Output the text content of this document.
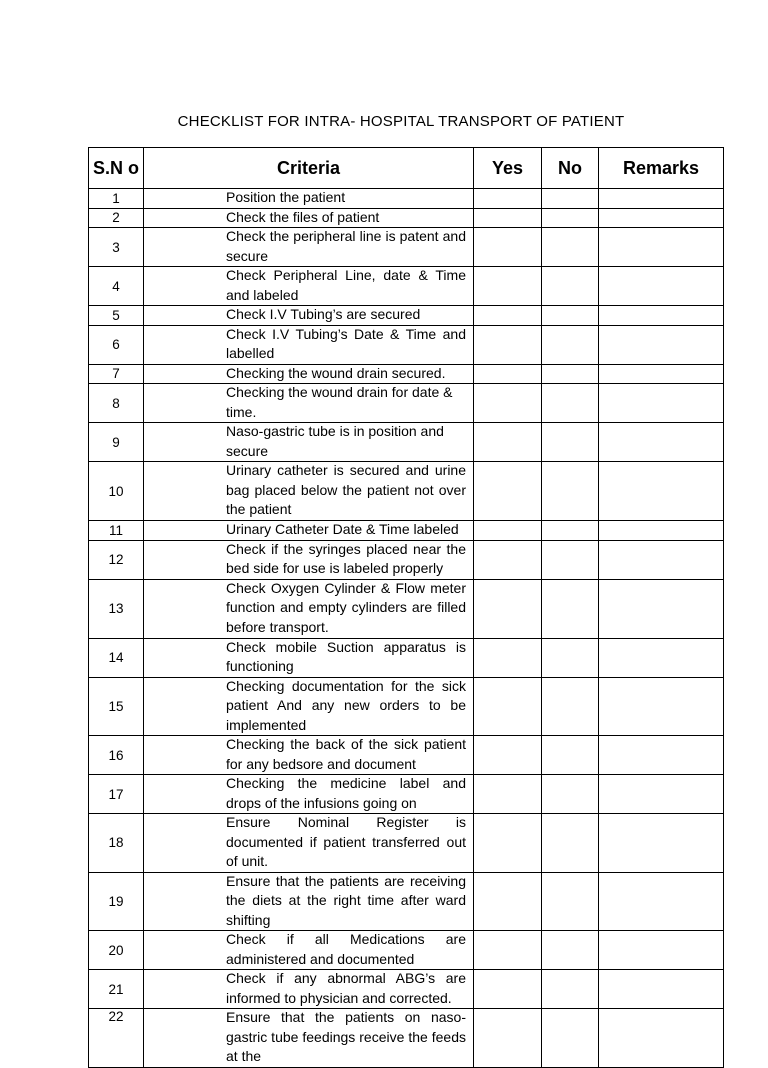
CHECKLIST FOR INTRA- HOSPITAL TRANSPORT OF PATIENT
S.N o	Criteria	Yes	No	Remarks
1	Position the patient			

2	Check the files of patient			

3	Check the peripheral line is patent and secure			

4	Check Peripheral Line, date & Time and labeled			

5	Check I.V Tubing’s are secured			

6	Check I.V Tubing’s Date & Time and labelled			

7	Checking the wound drain secured.			

8	Checking the wound drain for date & time.			

9	Naso-gastric tube is in position and secure			

10	Urinary catheter is secured and urine bag placed below the patient not over the patient			

11	Urinary Catheter Date & Time labeled			

12	Check if the syringes placed near the bed side for use is labeled properly			

13	Check Oxygen Cylinder & Flow meter function and empty cylinders are filled before transport.			

14	Check mobile Suction apparatus is functioning			

15	Checking documentation for the sick patient And any new orders to be implemented			

16	Checking the back of the sick patient for any bedsore and document			

17	Checking the medicine label and drops of the infusions going on			

18	Ensure Nominal Register is documented if patient transferred out of unit.			

19	Ensure that the patients are receiving the diets at the right time after ward shifting			

20	Check if all Medications are administered and documented			

21	Check if any abnormal ABG’s are informed to physician and corrected.			

22	Ensure that the patients on naso-gastric tube feedings receive the feeds at the			
